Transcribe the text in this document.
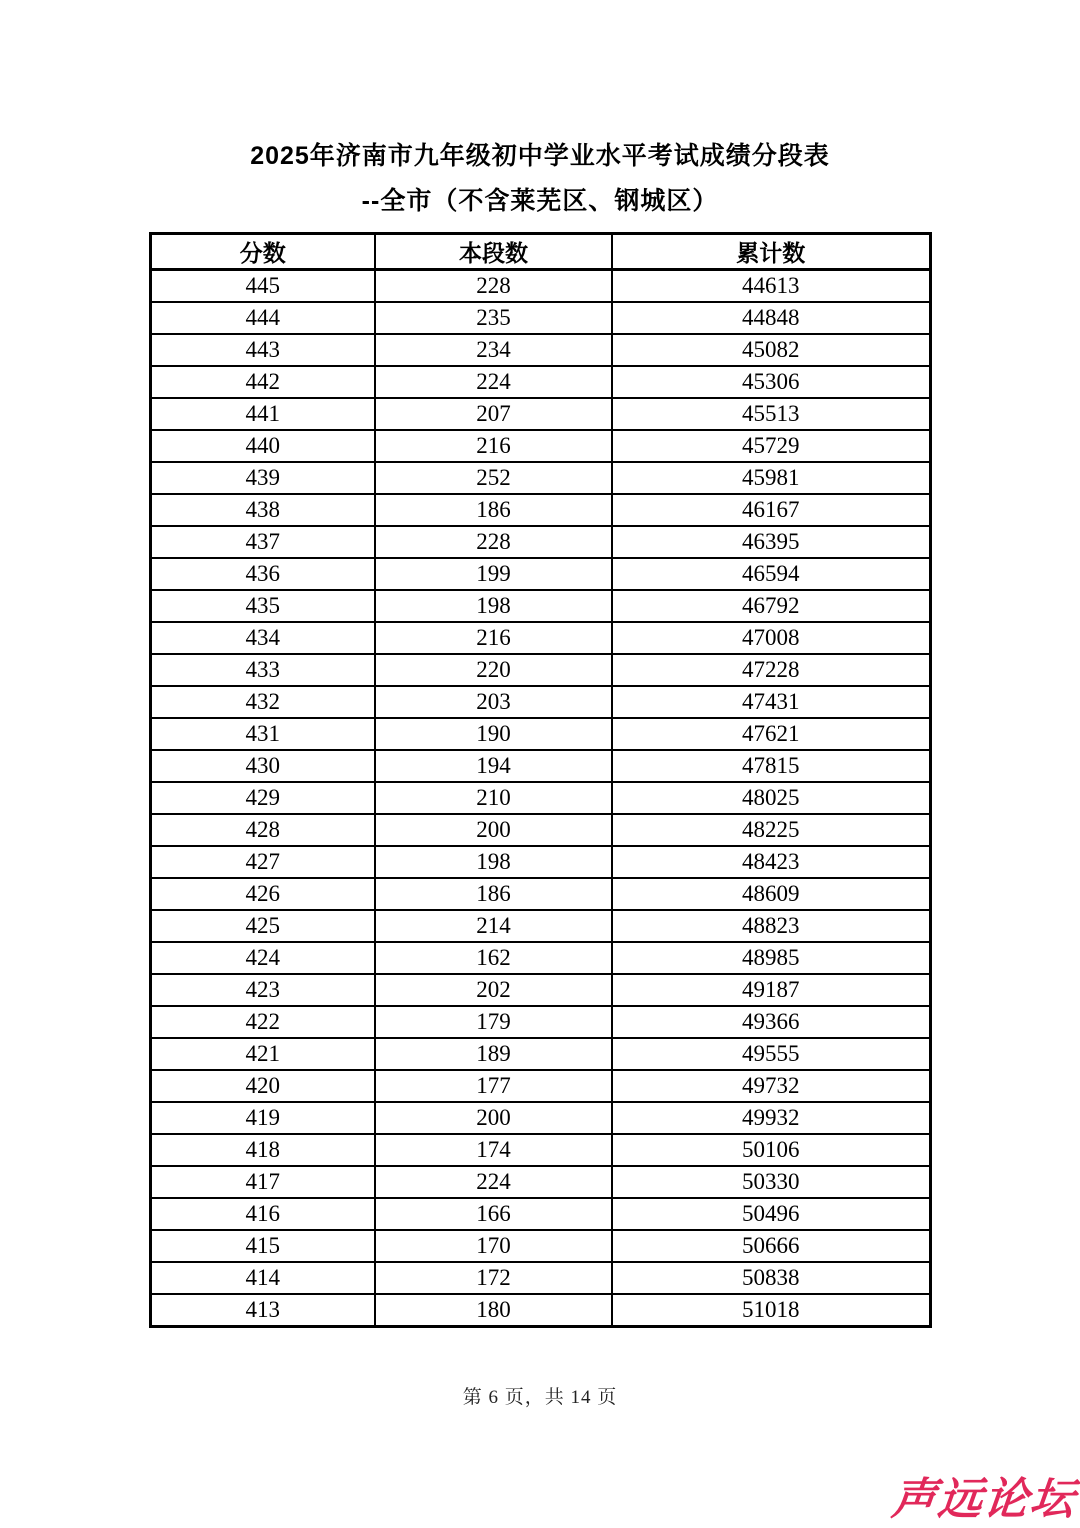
2025年济南市九年级初中学业水平考试成绩分段表
--全市（不含莱芜区、钢城区）
分数	本段数	累计数
445	228	44613
444	235	44848
443	234	45082
442	224	45306
441	207	45513
440	216	45729
439	252	45981
438	186	46167
437	228	46395
436	199	46594
435	198	46792
434	216	47008
433	220	47228
432	203	47431
431	190	47621
430	194	47815
429	210	48025
428	200	48225
427	198	48423
426	186	48609
425	214	48823
424	162	48985
423	202	49187
422	179	49366
421	189	49555
420	177	49732
419	200	49932
418	174	50106
417	224	50330
416	166	50496
415	170	50666
414	172	50838
413	180	51018
第 6 页，共 14 页
声远论坛
